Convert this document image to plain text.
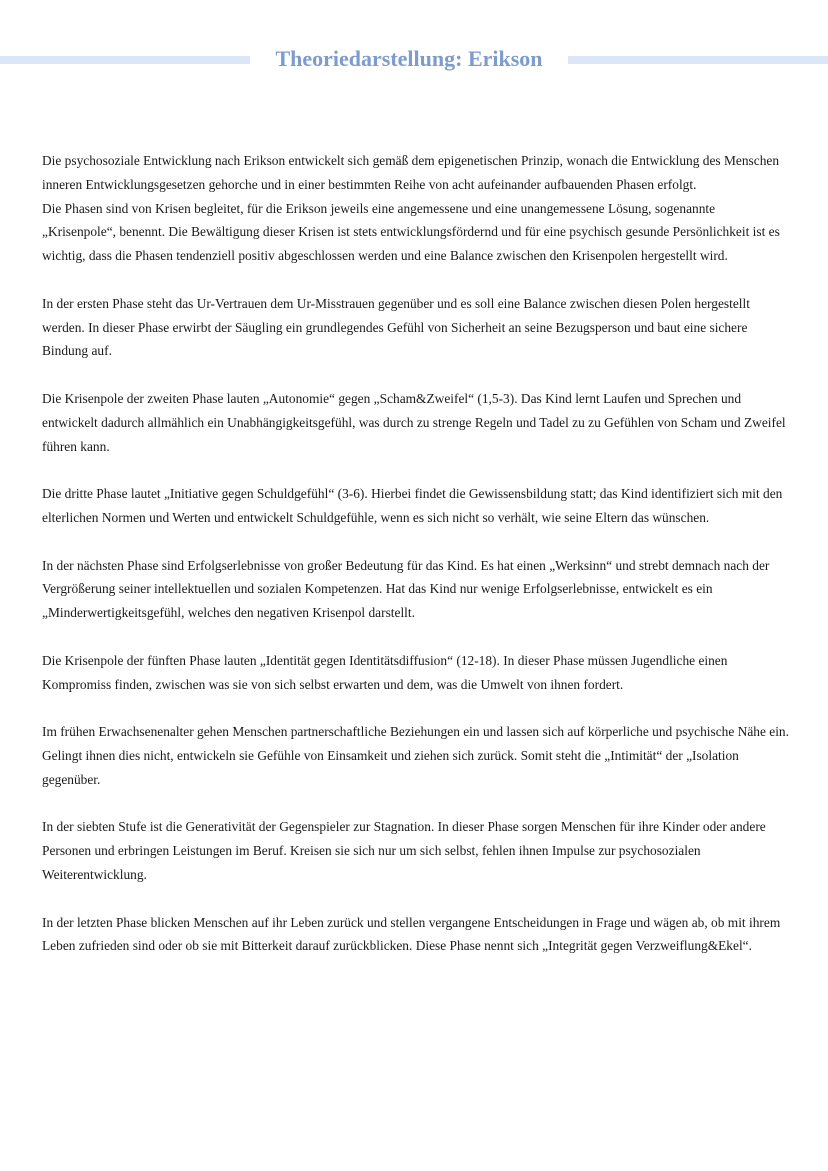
Theoriedarstellung: Erikson

Die psychosoziale Entwicklung nach Erikson entwickelt sich gemäß dem epigenetischen Prinzip, wonach die Entwicklung des Menschen inneren Entwicklungsgesetzen gehorche und in einer bestimmten Reihe von acht aufeinander aufbauenden Phasen erfolgt.

Die Phasen sind von Krisen begleitet, für die Erikson jeweils eine angemessene und eine unangemessene Lösung, sogenannte „Krisenpole“, benennt. Die Bewältigung dieser Krisen ist stets entwicklungsfördernd und für eine psychisch gesunde Persönlichkeit ist es wichtig, dass die Phasen tendenziell positiv abgeschlossen werden und eine Balance zwischen den Krisenpolen hergestellt wird.

In der ersten Phase steht das Ur-Vertrauen dem Ur-Misstrauen gegenüber und es soll eine Balance zwischen diesen Polen hergestellt werden. In dieser Phase erwirbt der Säugling ein grundlegendes Gefühl von Sicherheit an seine Bezugsperson und baut eine sichere Bindung auf.

Die Krisenpole der zweiten Phase lauten „Autonomie“ gegen „Scham&Zweifel“ (1,5-3). Das Kind lernt Laufen und Sprechen und entwickelt dadurch allmählich ein Unabhängigkeitsgefühl, was durch zu strenge Regeln und Tadel zu zu Gefühlen von Scham und Zweifel führen kann.

Die dritte Phase lautet „Initiative gegen Schuldgefühl“ (3-6). Hierbei findet die Gewissensbildung statt; das Kind identifiziert sich mit den elterlichen Normen und Werten und entwickelt Schuldgefühle, wenn es sich nicht so verhält, wie seine Eltern das wünschen.

In der nächsten Phase sind Erfolgserlebnisse von großer Bedeutung für das Kind. Es hat einen „Werksinn“ und strebt demnach nach der Vergrößerung seiner intellektuellen und sozialen Kompetenzen. Hat das Kind nur wenige Erfolgserlebnisse, entwickelt es ein „Minderwertigkeitsgefühl, welches den negativen Krisenpol darstellt.

Die Krisenpole der fünften Phase lauten „Identität gegen Identitätsdiffusion“ (12-18). In dieser Phase müssen Jugendliche einen Kompromiss finden, zwischen was sie von sich selbst erwarten und dem, was die Umwelt von ihnen fordert.

Im frühen Erwachsenenalter gehen Menschen partnerschaftliche Beziehungen ein und lassen sich auf körperliche und psychische Nähe ein. Gelingt ihnen dies nicht, entwickeln sie Gefühle von Einsamkeit und ziehen sich zurück. Somit steht die „Intimität“ der „Isolation gegenüber.

In der siebten Stufe ist die Generativität der Gegenspieler zur Stagnation. In dieser Phase sorgen Menschen für ihre Kinder oder andere Personen und erbringen Leistungen im Beruf. Kreisen sie sich nur um sich selbst, fehlen ihnen Impulse zur psychosozialen Weiterentwicklung.

In der letzten Phase blicken Menschen auf ihr Leben zurück und stellen vergangene Entscheidungen in Frage und wägen ab, ob mit ihrem Leben zufrieden sind oder ob sie mit Bitterkeit darauf zurückblicken. Diese Phase nennt sich „Integrität gegen Verzweiflung&Ekel“.
